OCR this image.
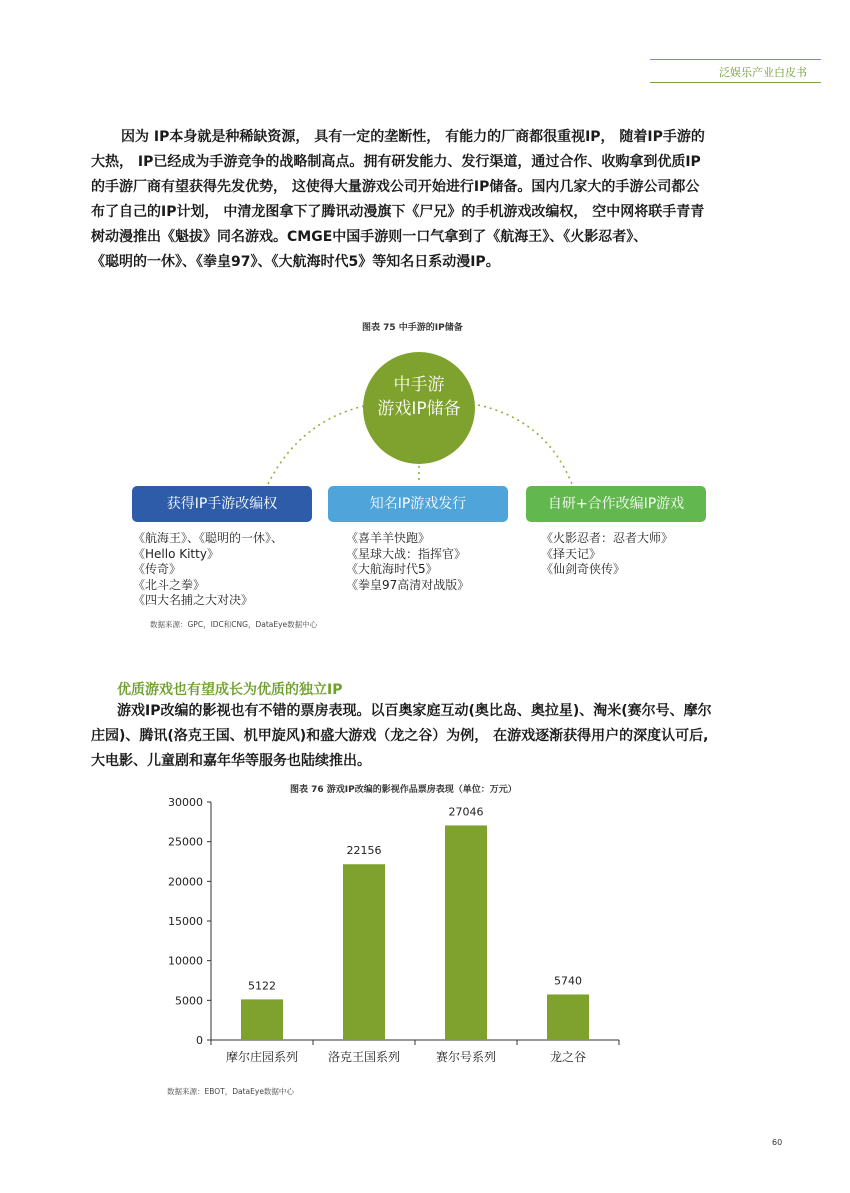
泛娱乐产业白皮书
因为 IP本身就是种稀缺资源， 具有一定的垄断性， 有能力的厂商都很重视IP， 随着IP手游的
大热， IP已经成为手游竞争的战略制高点。拥有研发能力、发行渠道，通过合作、收购拿到优质IP
的手游厂商有望获得先发优势， 这使得大量游戏公司开始进行IP储备。国内几家大的手游公司都公
布了自己的IP计划， 中清龙图拿下了腾讯动漫旗下《尸兄》的手机游戏改编权， 空中网将联手青青
树动漫推出《魁拔》同名游戏。CMGE中国手游则一口气拿到了《航海王》、《火影忍者》、
《聪明的一休》、《拳皇97》、《大航海时代5》等知名日系动漫IP。
图表 75 中手游的IP储备
中手游
游戏IP储备
获得IP手游改编权	知名IP游戏发行	自研+合作改编IP游戏
《航海王》、《聪明的一休》、
《Hello Kitty》
《传奇》
《北斗之拳》
《四大名捕之大对决》
《喜羊羊快跑》
《星球大战：指挥官》
《大航海时代5》
《拳皇97高清对战版》
《火影忍者：忍者大师》
《择天记》
《仙剑奇侠传》
数据来源：GPC，IDC和CNG，DataEye数据中心
优质游戏也有望成长为优质的独立IP
游戏IP改编的影视也有不错的票房表现。以百奥家庭互动(奥比岛、奥拉星)、淘米(赛尔号、摩尔
庄园)、腾讯(洛克王国、机甲旋风)和盛大游戏（龙之谷）为例， 在游戏逐渐获得用户的深度认可后,
大电影、儿童剧和嘉年华等服务也陆续推出。
图表 76 游戏IP改编的影视作品票房表现（单位：万元）
0
5000
10000
15000
20000
25000
30000
5122
摩尔庄园系列
22156
洛克王国系列
27046
赛尔号系列
5740
龙之谷
数据来源：EBOT，DataEye数据中心
60
